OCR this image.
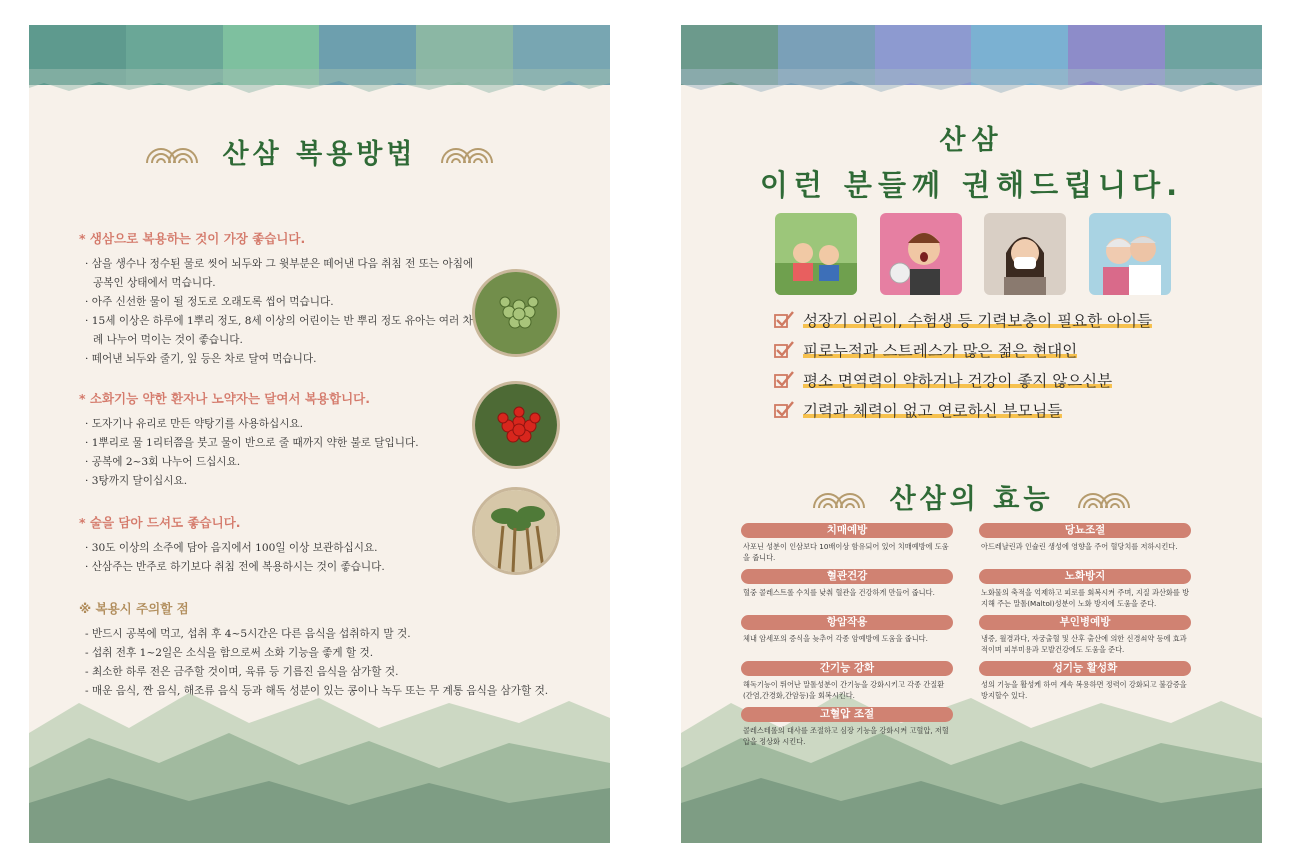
산삼 복용방법
* 생삼으로 복용하는 것이 가장 좋습니다.
· 삼을 생수나 정수된 물로 씻어 뇌두와 그 윗부분은 떼어낸 다음 취침 전 또는 아침에 공복인 상태에서 먹습니다.
· 아주 신선한 물이 될 정도로 오래도록 씹어 먹습니다.
· 15세 이상은 하루에 1뿌리 정도, 8세 이상의 어린이는 반 뿌리 정도 유아는 여러 차례 나누어 먹이는 것이 좋습니다.
· 떼어낸 뇌두와 줄기, 잎 등은 차로 달여 먹습니다.
* 소화기능 약한 환자나 노약자는 달여서 복용합니다.
· 도자기나 유리로 만든 약탕기를 사용하십시요.
· 1뿌리로 물 1리터쯤을 붓고 물이 반으로 줄 때까지 약한 불로 달입니다.
· 공복에 2~3회 나누어 드십시요.
· 3탕까지 달이십시요.
* 술을 담아 드셔도 좋습니다.
· 30도 이상의 소주에 담아 음지에서 100일 이상 보관하십시요.
· 산삼주는 반주로 하기보다 취침 전에 복용하시는 것이 좋습니다.
※ 복용시 주의할 점
- 반드시 공복에 먹고, 섭취 후 4~5시간은 다른 음식을 섭취하지 말 것.
- 섭취 전후 1~2일은 소식을 함으로써 소화 기능을 좋게 할 것.
- 최소한 하루 전은 금주할 것이며, 육류 등 기름진 음식을 삼가할 것.
- 매운 음식, 짠 음식, 해조류 음식 등과 해독 성분이 있는 콩이나 녹두 또는 무 계통 음식을 삼가할 것.
산삼
이런 분들께 권해드립니다.
성장기 어린이, 수험생 등 기력보충이 필요한 아이들
피로누적과 스트레스가 많은 젊은 현대인
평소 면역력이 약하거나 건강이 좋지 않으신분
기력과 체력이 없고 연로하신 부모님들
산삼의 효능
치매예방
사포닌 성분이 인삼보다 10배이상 함유되어 있어 치매예방에 도움을 줍니다.
당뇨조절
아드레날린과 인슐린 생성에 영향을 주어 혈당치를 저하시킨다.
혈관건강
혈중 콜레스트롤 수치를 낮춰 혈관을 건강하게 만들어 줍니다.
노화방지
노화물의 축적을 억제하고 피로를 회복시켜 주며, 지질 과산화를 방지해 주는 말톨(Maltol)성분이 노화 방지에 도움을 준다.
항암작용
체내 암세포의 증식을 늦추어 각종 암예방에 도움을 줍니다.
부인병예방
냉증, 월경과다, 자궁출혈 및 산후 출산에 의한 신경쇠약 등에 효과적이며 피부미용과 모발건강에도 도움을 준다.
간기능 강화
해독기능이 뛰어난 말톨성분이 간기능을 강화시키고 각종 간질환(간염,간경화,간암등)을 회복시킨다.
성기능 활성화
성의 기능을 활성케 하여 계속 복용하면 정력이 강화되고 불감증을 방지할수 있다.
고혈압 조절
콜레스테롤의 대사를 조절하고 심장 기능을 강화시켜 고혈압, 저혈압을 정상화 시킨다.
